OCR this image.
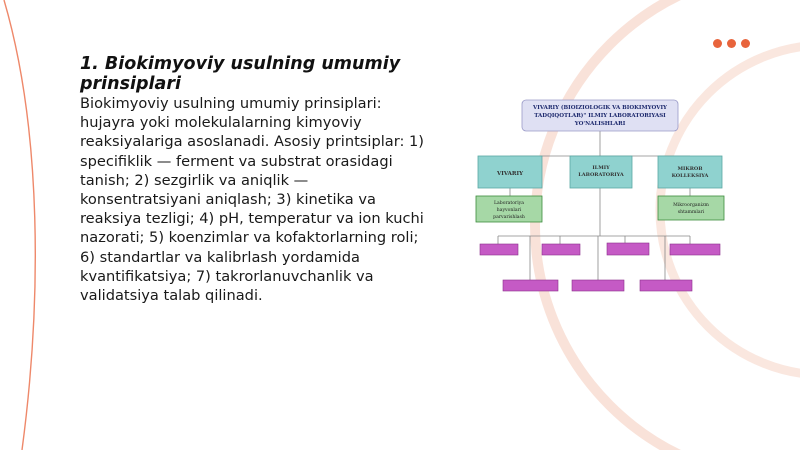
1. Biokimyoviy usulning umumiy prinsiplari

Biokimyoviy usulning umumiy prinsiplari: hujayra yoki molekulalarning kimyoviy reaksiyalariga asoslanadi. Asosiy printsiplar: 1) specifiklik — ferment va substrat orasidagi tanish; 2) sezgirlik va aniqlik — konsentratsiyani aniqlash; 3) kinetika va reaksiya tezligi; 4) pH, temperatur va ion kuchi nazorati; 5) koenzimlar va kofaktorlarning roli; 6) standartlar va kalibrlash yordamida kvantifikatsiya; 7) takrorlanuvchanlik va validatsiya talab qilinadi.

VIVARIY (BIOIZIOLOGIK VA BIOKIMYOVIY
TADQIQOTLAR)" ILMIY LABORATORIYASI
YO'NALISHLARI
VIVARIY
ILMIY
LABORATORIYA
MIKROB
KOLLEKSIYA
Laboratoriya
hayvonlari
parvarishlash
Mikroorganizm
shtammlari
